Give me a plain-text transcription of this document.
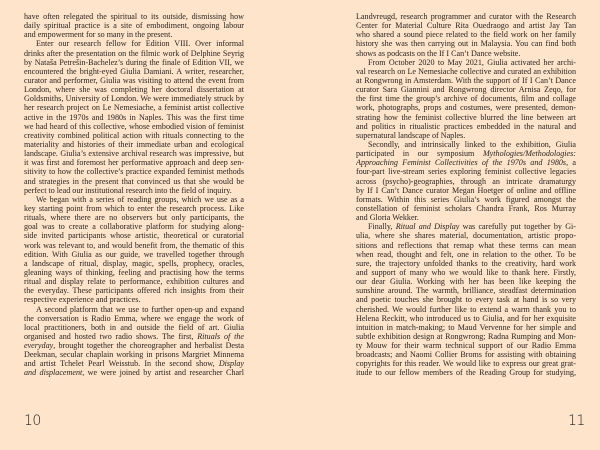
have often relegated the spiritual to its outside, dismissing how
daily spiritual practice is a site of embodiment, ongoing labour
and empowerment for so many in the present.
Enter our research fellow for Edition VIII. Over informal
drinks after the presentation on the filmic work of Delphine Seyrig
by Nataša Petrešin-Bachelez’s during the finale of Edition VII, we
encountered the bright-eyed Giulia Damiani. A writer, researcher,
curator and performer, Giulia was visiting to attend the event from
London, where she was completing her doctoral dissertation at
Goldsmiths, University of London. We were immediately struck by
her research project on Le Nemesiache, a feminist artist collective
active in the 1970s and 1980s in Naples. This was the first time
we had heard of this collective, whose embodied vision of feminist
creativity combined political action with rituals connecting to the
materiality and histories of their immediate urban and ecological
landscape. Giulia’s extensive archival research was impressive, but
it was first and foremost her performative approach and deep sen-
sitivity to how the collective’s practice expanded feminist methods
and strategies in the present that convinced us that she would be
perfect to lead our institutional research into the field of inquiry.
We began with a series of reading groups, which we use as a
key starting point from which to enter the research process. Like
rituals, where there are no observers but only participants, the
goal was to create a collaborative platform for studying along-
side invited participants whose artistic, theoretical or curatorial
work was relevant to, and would benefit from, the thematic of this
edition. With Giulia as our guide, we travelled together through
a landscape of ritual, display, magic, spells, prophecy, oracles,
gleaning ways of thinking, feeling and practising how the terms
ritual and display relate to performance, exhibition cultures and
the everyday. These participants offered rich insights from their
respective experience and practices.
A second platform that we use to further open-up and expand
the conversation is Radio Emma, where we engage the work of
local practitioners, both in and outside the field of art. Giulia
organised and hosted two radio shows. The first, Rituals of the
everyday, brought together the choreographer and herbalist Desta
Deekman, secular chaplain working in prisons Margriet Minnema
and artist Tchelet Pearl Weisstub. In the second show, Display
and displacement, we were joined by artist and researcher Charl
10
Landvreugd, research programmer and curator with the Research
Center for Material Culture Rita Ouedraogo and artist Jay Tan
who shared a sound piece related to the field work on her family
history she was then carrying out in Malaysia. You can find both
shows as podcasts on the If I Can’t Dance website.
From October 2020 to May 2021, Giulia activated her archi-
val research on Le Nemesiache collective and curated an exhibition
at Rongwrong in Amsterdam. With the support of If I Can’t Dance
curator Sara Giannini and Rongwrong director Arnisa Zeqo, for
the first time the group’s archive of documents, film and collage
work, photographs, props and costumes, were presented, demon-
strating how the feminist collective blurred the line between art
and politics in ritualistic practices embedded in the natural and
supernatural landscape of Naples.
Secondly, and intrinsically linked to the exhibition, Giulia
participated in our symposium Mythologies/Methodologies:
Approaching Feminist Collectivities of the 1970s and 1980s, a
four-part live-stream series exploring feminist collective legacies
across (psycho)-geographies, through an intricate dramaturgy
by If I Can’t Dance curator Megan Hoetger of online and offline
formats. Within this series Giulia’s work figured amongst the
constellation of feminist scholars Chandra Frank, Ros Murray
and Gloria Wekker.
Finally, Ritual and Display was carefully put together by Gi-
ulia, where she shares material, documentation, artistic propo-
sitions and reflections that remap what these terms can mean
when read, thought and felt, one in relation to the other. To be
sure, the trajectory unfolded thanks to the creativity, hard work
and support of many who we would like to thank here. Firstly,
our dear Giulia. Working with her has been like keeping the
sunshine around. The warmth, brilliance, steadfast determination
and poetic touches she brought to every task at hand is so very
cherished. We would further like to extend a warm thank you to
Helena Reckitt, who introduced us to Giulia, and for her exquisite
intuition in match-making; to Maud Vervenne for her simple and
subtle exhibition design at Rongwrong; Radna Rumping and Mon-
ty Mouw for their warm technical support of our Radio Emma
broadcasts; and Naomi Collier Broms for assisting with obtaining
copyrights for this reader. We would like to express our great grat-
itude to our fellow members of the Reading Group for studying,
11
